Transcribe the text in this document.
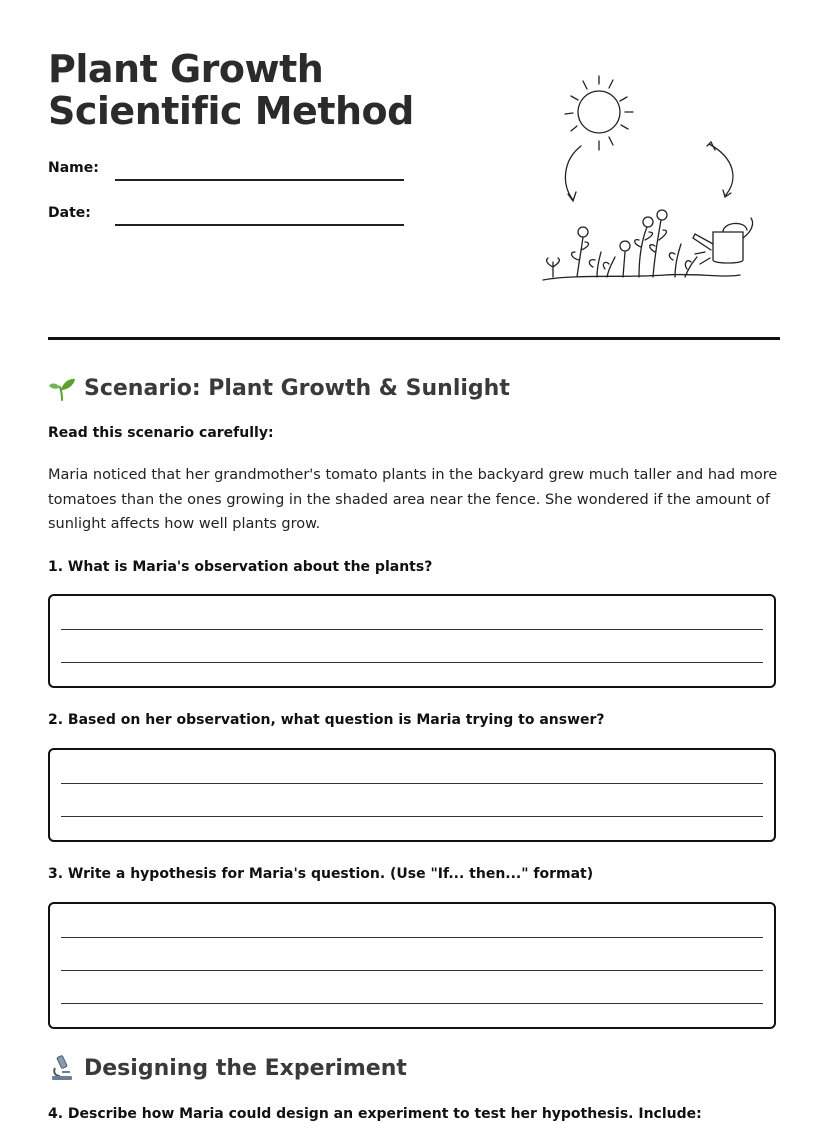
Plant Growth Scientific Method
Name:
Date:
Scenario: Plant Growth & Sunlight
Read this scenario carefully:

Maria noticed that her grandmother's tomato plants in the backyard grew much taller and had more tomatoes than the ones growing in the shaded area near the fence. She wondered if the amount of sunlight affects how well plants grow.

1. What is Maria's observation about the plants?
2. Based on her observation, what question is Maria trying to answer?
3. Write a hypothesis for Maria's question. (Use "If... then..." format)
Designing the Experiment
4. Describe how Maria could design an experiment to test her hypothesis. Include:
